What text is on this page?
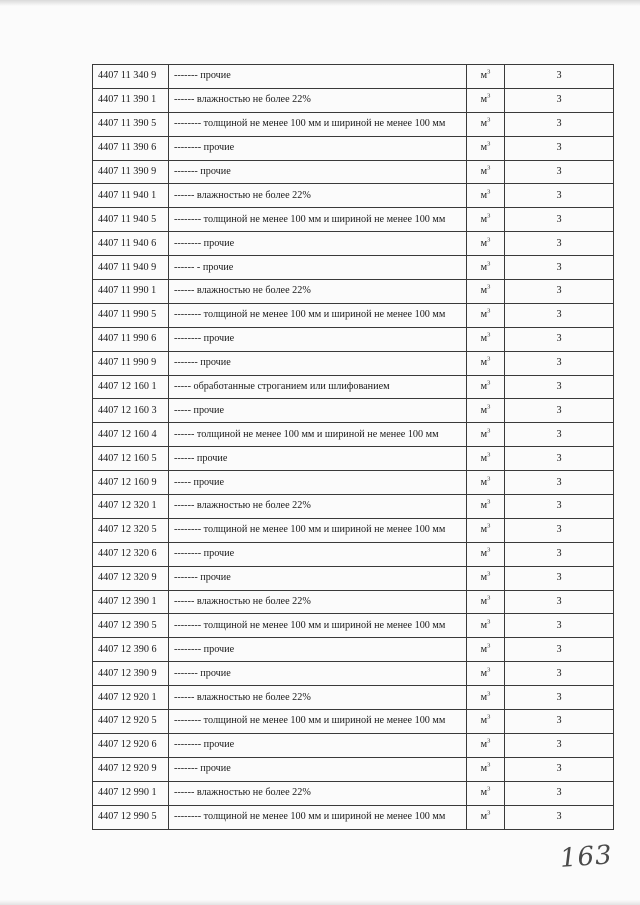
4407 11 340 9	------- прочие	$м^3$	3
4407 11 390 1	------ влажностью не более 22%	$м^3$	3
4407 11 390 5	-------- толщиной не менее 100 мм и шириной не менее 100 мм	$м^3$	3
4407 11 390 6	-------- прочие	$м^3$	3
4407 11 390 9	------- прочие	$м^3$	3
4407 11 940 1	------ влажностью не более 22%	$м^3$	3
4407 11 940 5	-------- толщиной не менее 100 мм и шириной не менее 100 мм	$м^3$	3
4407 11 940 6	-------- прочие	$м^3$	3
4407 11 940 9	------ - прочие	$м^3$	3
4407 11 990 1	------ влажностью не более 22%	$м^3$	3
4407 11 990 5	-------- толщиной не менее 100 мм и шириной не менее 100 мм	$м^3$	3
4407 11 990 6	-------- прочие	$м^3$	3
4407 11 990 9	------- прочие	$м^3$	3
4407 12 160 1	----- обработанные строганием или шлифованием	$м^3$	3
4407 12 160 3	----- прочие	$м^3$	3
4407 12 160 4	------ толщиной не менее 100 мм и шириной не менее 100 мм	$м^3$	3
4407 12 160 5	------ прочие	$м^3$	3
4407 12 160 9	----- прочие	$м^3$	3
4407 12 320 1	------ влажностью не более 22%	$м^3$	3
4407 12 320 5	-------- толщиной не менее 100 мм и шириной не менее 100 мм	$м^3$	3
4407 12 320 6	-------- прочие	$м^3$	3
4407 12 320 9	------- прочие	$м^3$	3
4407 12 390 1	------ влажностью не более 22%	$м^3$	3
4407 12 390 5	-------- толщиной не менее 100 мм и шириной не менее 100 мм	$м^3$	3
4407 12 390 6	-------- прочие	$м^3$	3
4407 12 390 9	------- прочие	$м^3$	3
4407 12 920 1	------ влажностью не более 22%	$м^3$	3
4407 12 920 5	-------- толщиной не менее 100 мм и шириной не менее 100 мм	$м^3$	3
4407 12 920 6	-------- прочие	$м^3$	3
4407 12 920 9	------- прочие	$м^3$	3
4407 12 990 1	------ влажностью не более 22%	$м^3$	3
4407 12 990 5	-------- толщиной не менее 100 мм и шириной не менее 100 мм	$м^3$	3
163
